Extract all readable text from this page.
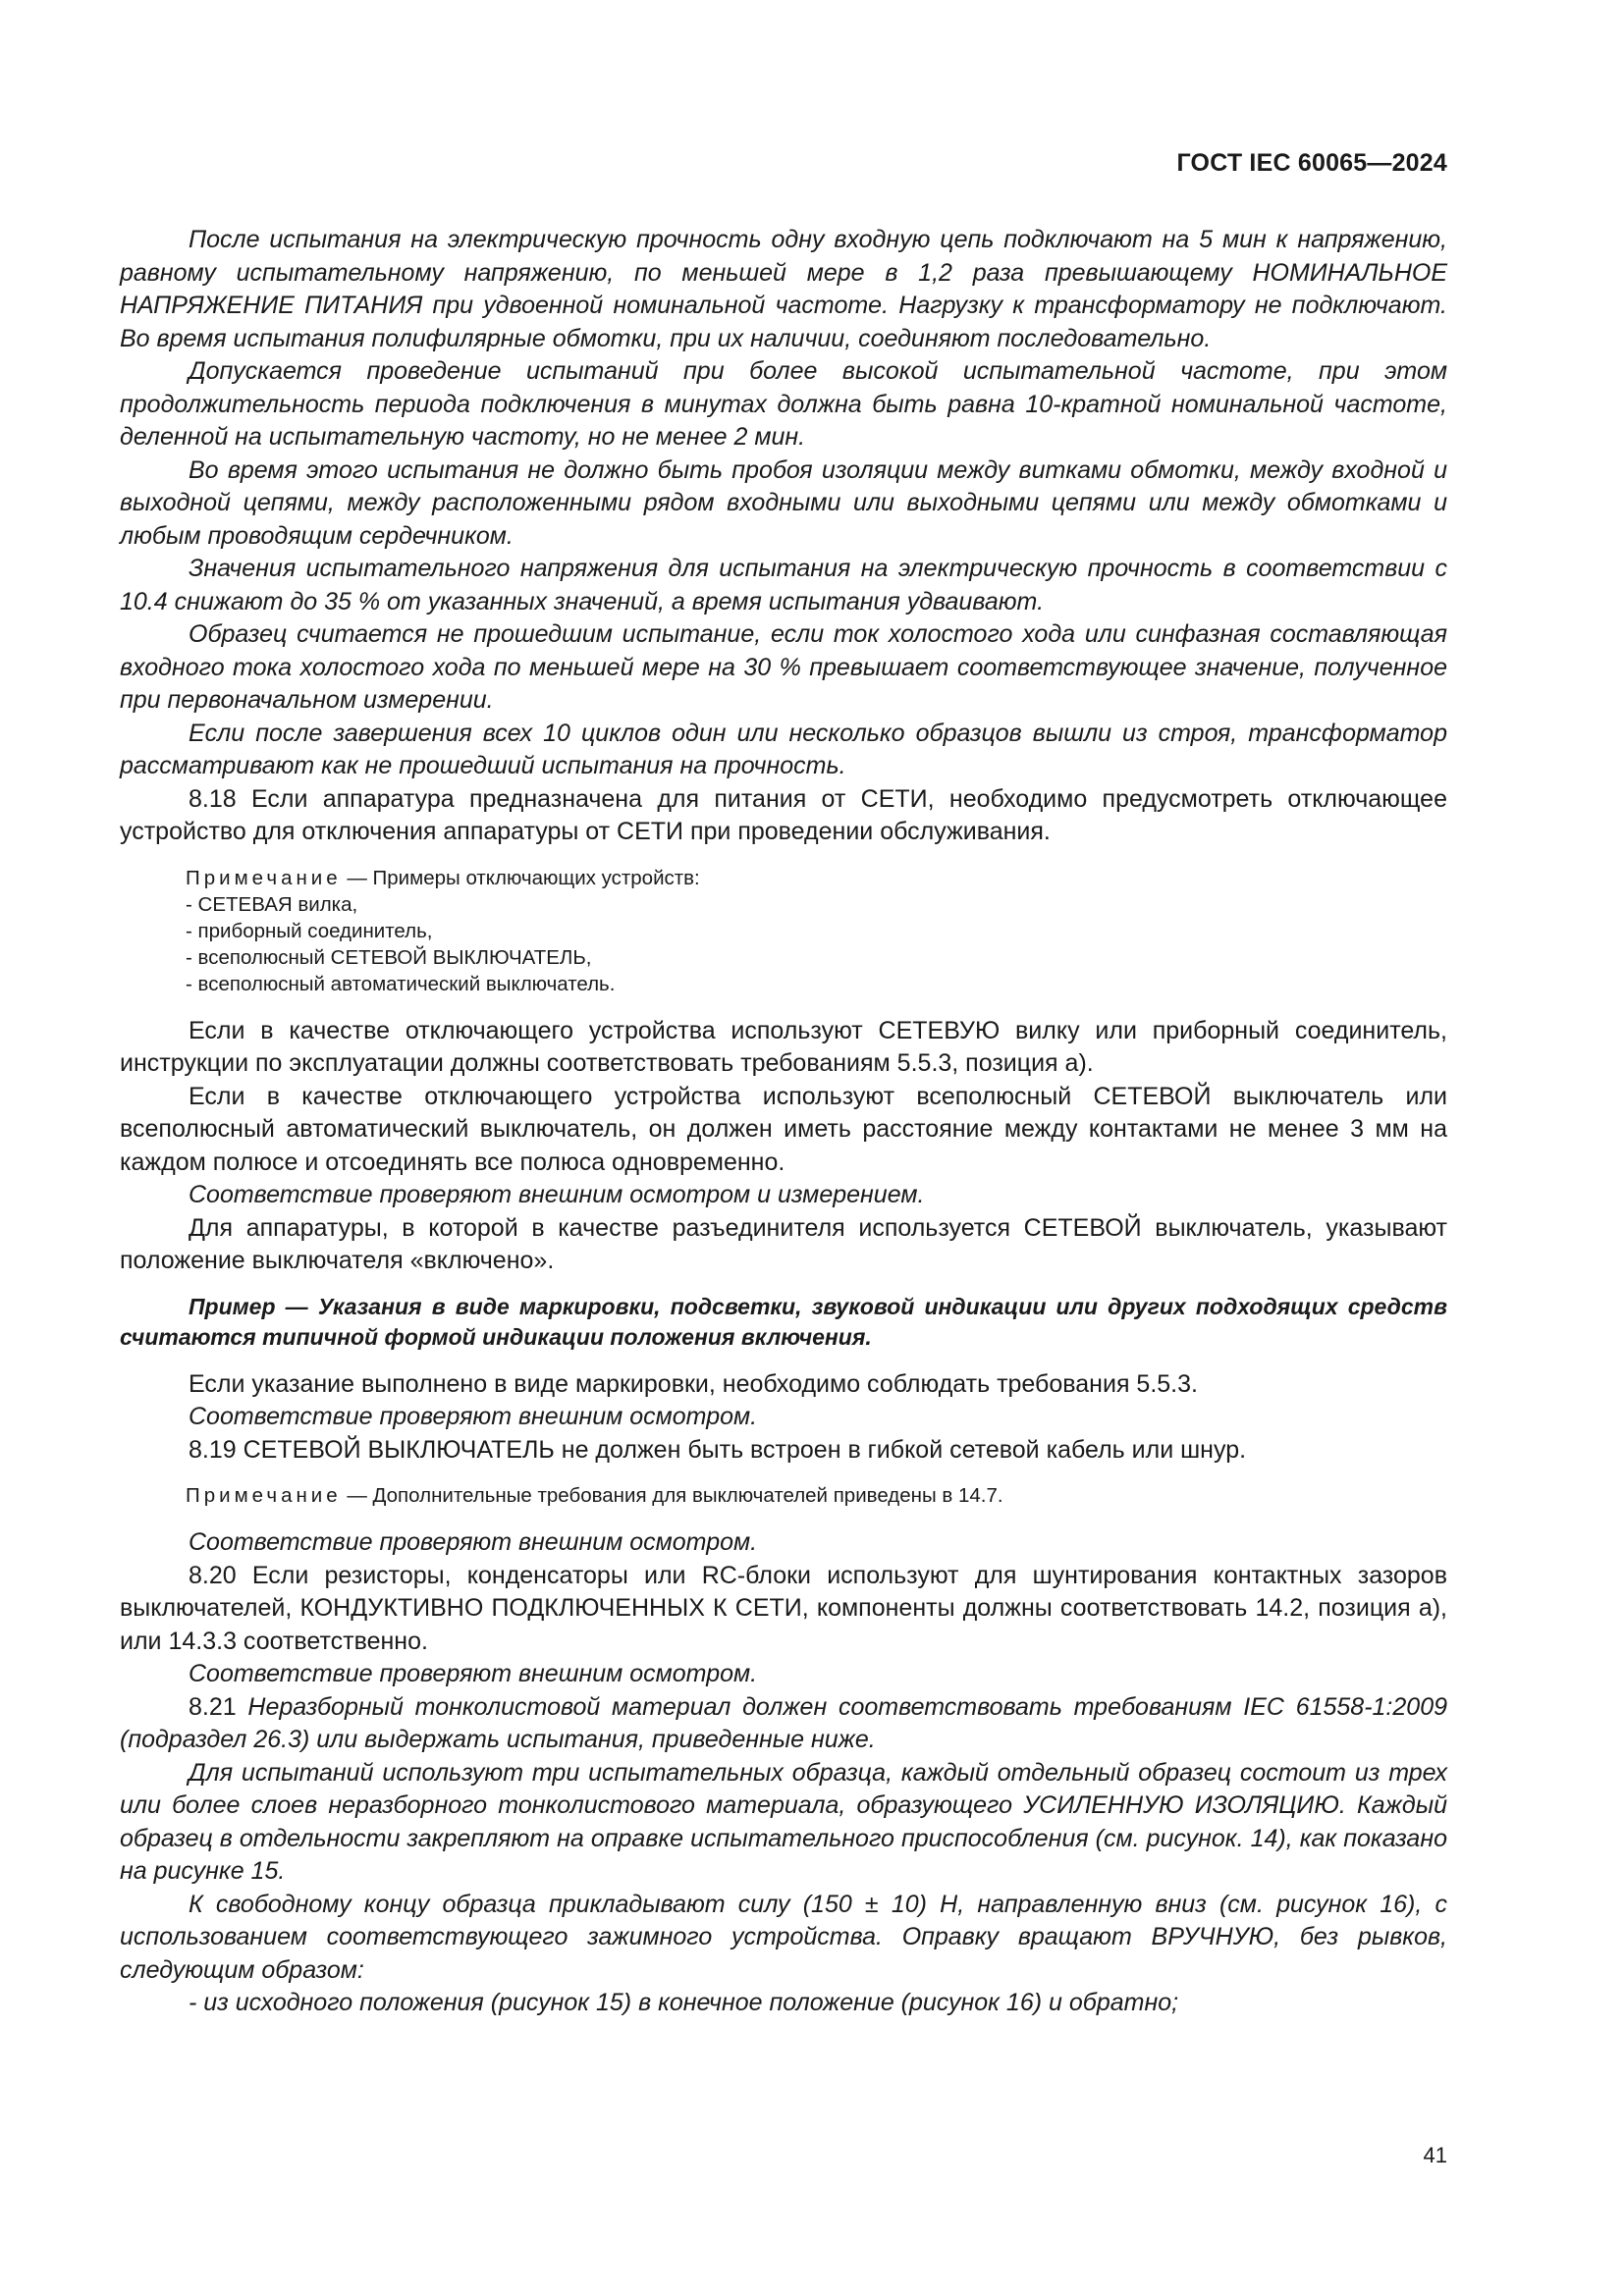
ГОСТ IEC 60065—2024

После испытания на электрическую прочность одну входную цепь подключают на 5 мин к напряжению, равному испытательному напряжению, по меньшей мере в 1,2 раза превышающему НОМИНАЛЬНОЕ НАПРЯЖЕНИЕ ПИТАНИЯ при удвоенной номинальной частоте. Нагрузку к трансформатору не подключают. Во время испытания полифилярные обмотки, при их наличии, соединяют последовательно.

Допускается проведение испытаний при более высокой испытательной частоте, при этом продолжительность периода подключения в минутах должна быть равна 10-кратной номинальной частоте, деленной на испытательную частоту, но не менее 2 мин.

Во время этого испытания не должно быть пробоя изоляции между витками обмотки, между входной и выходной цепями, между расположенными рядом входными или выходными цепями или между обмотками и любым проводящим сердечником.

Значения испытательного напряжения для испытания на электрическую прочность в соответствии с 10.4 снижают до 35 % от указанных значений, а время испытания удваивают.

Образец считается не прошедшим испытание, если ток холостого хода или синфазная составляющая входного тока холостого хода по меньшей мере на 30 % превышает соответствующее значение, полученное при первоначальном измерении.

Если после завершения всех 10 циклов один или несколько образцов вышли из строя, трансформатор рассматривают как не прошедший испытания на прочность.

8.18 Если аппаратура предназначена для питания от СЕТИ, необходимо предусмотреть отключающее устройство для отключения аппаратуры от СЕТИ при проведении обслуживания.

Примечание — Примеры отключающих устройств:

- СЕТЕВАЯ вилка,

- приборный соединитель,

- всеполюсный СЕТЕВОЙ ВЫКЛЮЧАТЕЛЬ,

- всеполюсный автоматический выключатель.

Если в качестве отключающего устройства используют СЕТЕВУЮ вилку или приборный соединитель, инструкции по эксплуатации должны соответствовать требованиям 5.5.3, позиция а).

Если в качестве отключающего устройства используют всеполюсный СЕТЕВОЙ выключатель или всеполюсный автоматический выключатель, он должен иметь расстояние между контактами не менее 3 мм на каждом полюсе и отсоединять все полюса одновременно.

Соответствие проверяют внешним осмотром и измерением.

Для аппаратуры, в которой в качестве разъединителя используется СЕТЕВОЙ выключатель, указывают положение выключателя «включено».

Пример — Указания в виде маркировки, подсветки, звуковой индикации или других подходящих средств считаются типичной формой индикации положения включения.

Если указание выполнено в виде маркировки, необходимо соблюдать требования 5.5.3.

Соответствие проверяют внешним осмотром.

8.19 СЕТЕВОЙ ВЫКЛЮЧАТЕЛЬ не должен быть встроен в гибкой сетевой кабель или шнур.

Примечание — Дополнительные требования для выключателей приведены в 14.7.

Соответствие проверяют внешним осмотром.

8.20 Если резисторы, конденсаторы или RC-блоки используют для шунтирования контактных зазоров выключателей, КОНДУКТИВНО ПОДКЛЮЧЕННЫХ К СЕТИ, компоненты должны соответствовать 14.2, позиция а), или 14.3.3 соответственно.

Соответствие проверяют внешним осмотром.

8.21 Неразборный тонколистовой материал должен соответствовать требованиям IEC 61558-1:2009 (подраздел 26.3) или выдержать испытания, приведенные ниже.

Для испытаний используют три испытательных образца, каждый отдельный образец состоит из трех или более слоев неразборного тонколистового материала, образующего УСИЛЕННУЮ ИЗОЛЯЦИЮ. Каждый образец в отдельности закрепляют на оправке испытательного приспособления (см. рисунок. 14), как показано на рисунке 15.

К свободному концу образца прикладывают силу (150 ± 10) Н, направленную вниз (см. рисунок 16), с использованием соответствующего зажимного устройства. Оправку вращают ВРУЧНУЮ, без рывков, следующим образом:

- из исходного положения (рисунок 15) в конечное положение (рисунок 16) и обратно;

41
